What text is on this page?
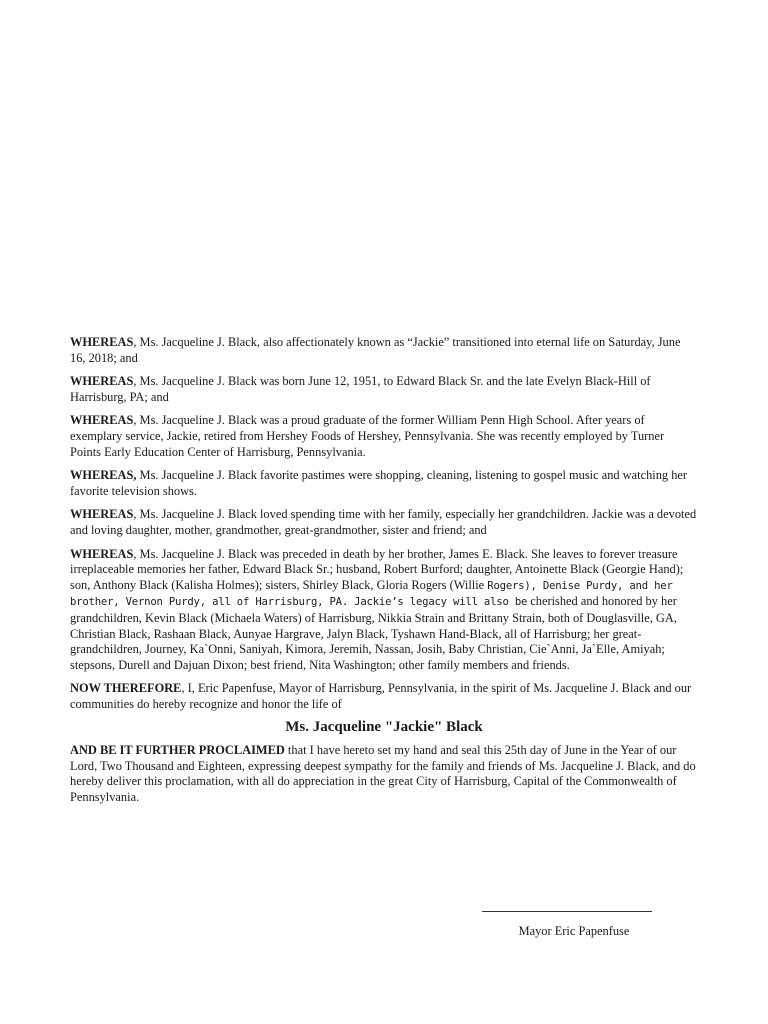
WHEREAS, Ms. Jacqueline J. Black, also affectionately known as “Jackie” transitioned into eternal life on Saturday, June 16, 2018; and

WHEREAS, Ms. Jacqueline J. Black was born June 12, 1951, to Edward Black Sr. and the late Evelyn Black-Hill of Harrisburg, PA; and

WHEREAS, Ms. Jacqueline J. Black was a proud graduate of the former William Penn High School. After years of exemplary service, Jackie, retired from Hershey Foods of Hershey, Pennsylvania. She was recently employed by Turner Points Early Education Center of Harrisburg, Pennsylvania.

WHEREAS, Ms. Jacqueline J. Black favorite pastimes were shopping, cleaning, listening to gospel music and watching her favorite television shows.

WHEREAS, Ms. Jacqueline J. Black loved spending time with her family, especially her grandchildren. Jackie was a devoted and loving daughter, mother, grandmother, great-grandmother, sister and friend; and

WHEREAS, Ms. Jacqueline J. Black was preceded in death by her brother, James E. Black. She leaves to forever treasure irreplaceable memories her father, Edward Black Sr.; husband, Robert Burford; daughter, Antoinette Black (Georgie Hand); son, Anthony Black (Kalisha Holmes); sisters, Shirley Black, Gloria Rogers (Willie Rogers), Denise Purdy, and her brother, Vernon Purdy, all of Harrisburg, PA. Jackie’s legacy will also be cherished and honored by her grandchildren, Kevin Black (Michaela Waters) of Harrisburg, Nikkia Strain and Brittany Strain, both of Douglasville, GA, Christian Black, Rashaan Black, Aunyae Hargrave, Jalyn Black, Tyshawn Hand-Black, all of Harrisburg; her great-grandchildren, Journey, Ka`Onni, Saniyah, Kimora, Jeremih, Nassan, Josih, Baby Christian, Cie`Anni, Ja`Elle, Amiyah; stepsons, Durell and Dajuan Dixon; best friend, Nita Washington; other family members and friends.

NOW THEREFORE, I, Eric Papenfuse, Mayor of Harrisburg, Pennsylvania, in the spirit of Ms. Jacqueline J. Black and our communities do hereby recognize and honor the life of

Ms. Jacqueline "Jackie" Black

AND BE IT FURTHER PROCLAIMED that I have hereto set my hand and seal this 25th day of June in the Year of our Lord, Two Thousand and Eighteen, expressing deepest sympathy for the family and friends of Ms. Jacqueline J. Black, and do hereby deliver this proclamation, with all do appreciation in the great City of Harrisburg, Capital of the Commonwealth of Pennsylvania.

Mayor Eric Papenfuse
